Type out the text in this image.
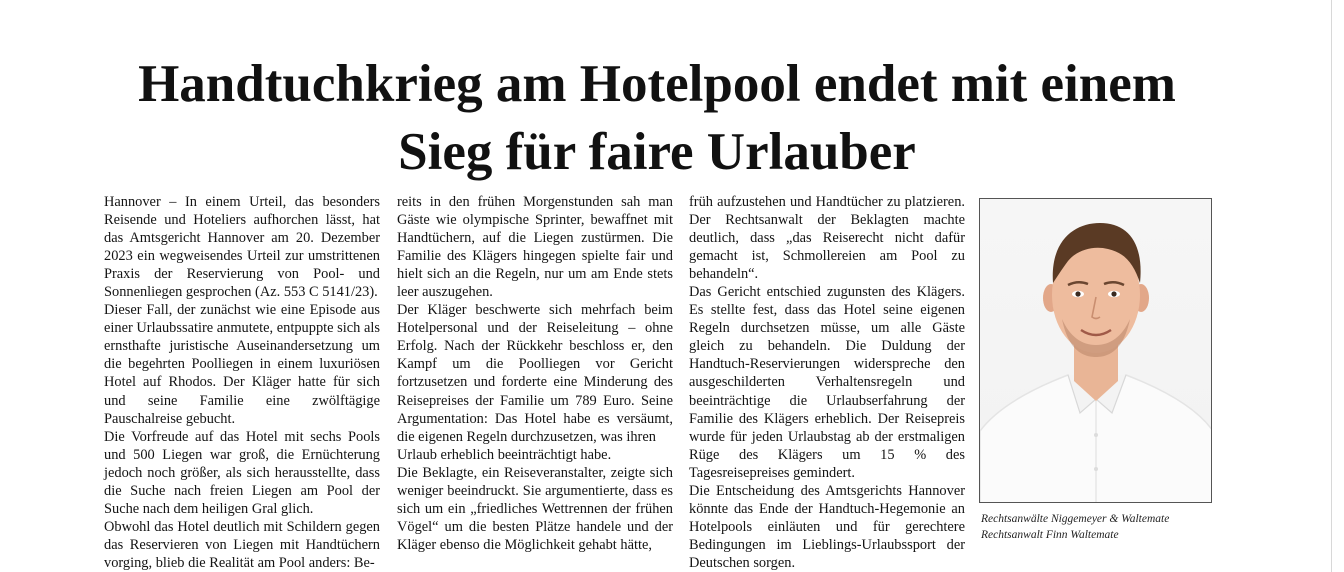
Handtuchkrieg am Hotelpool endet mit einem
Sieg für faire Urlauber

Hannover – In einem Urteil, das besonders Reisende und Hoteliers aufhorchen lässt, hat das Amtsgericht Hannover am 20. Dezember 2023 ein wegweisendes Urteil zur umstrittenen Praxis der Reservierung von Pool- und Sonnenliegen gesprochen (Az. 553 C 5141/23).

Dieser Fall, der zunächst wie eine Episode aus einer Urlaubssatire anmutete, entpuppte sich als ernsthafte juristische Auseinandersetzung um die begehrten Poolliegen in einem luxuriösen Hotel auf Rhodos. Der Kläger hatte für sich und seine Familie eine zwölftägige Pauschalreise gebucht.

Die Vorfreude auf das Hotel mit sechs Pools und 500 Liegen war groß, die Ernüchterung jedoch noch größer, als sich herausstellte, dass die Suche nach freien Liegen am Pool der Suche nach dem heiligen Gral glich.

Obwohl das Hotel deutlich mit Schildern gegen das Reservieren von Liegen mit Handtüchern vorging, blieb die Realität am Pool anders: Be-

reits in den frühen Morgenstunden sah man Gäste wie olympische Sprinter, bewaffnet mit Handtüchern, auf die Liegen zustürmen. Die Familie des Klägers hingegen spielte fair und hielt sich an die Regeln, nur um am Ende stets leer auszugehen.

Der Kläger beschwerte sich mehrfach beim Hotelpersonal und der Reiseleitung – ohne Erfolg. Nach der Rückkehr beschloss er, den Kampf um die Poolliegen vor Gericht fortzusetzen und forderte eine Minderung des Reisepreises der Familie um 789 Euro. Seine Argumentation: Das Hotel habe es versäumt, die eigenen Regeln durchzusetzen, was ihren

Urlaub erheblich beeinträchtigt habe.

Die Beklagte, ein Reiseveranstalter, zeigte sich weniger beeindruckt. Sie argumentierte, dass es sich um ein „friedliches Wettrennen der frühen Vögel“ um die besten Plätze handele und der Kläger ebenso die Möglichkeit gehabt hätte,

früh aufzustehen und Handtücher zu platzieren. Der Rechtsanwalt der Beklagten machte deutlich, dass „das Reiserecht nicht dafür gemacht ist, Schmollereien am Pool zu behandeln“.

Das Gericht entschied zugunsten des Klägers. Es stellte fest, dass das Hotel seine eigenen Regeln durchsetzen müsse, um alle Gäste gleich zu behandeln. Die Duldung der Handtuch-Reservierungen widerspreche den ausgeschilderten Verhaltensregeln und beeinträchtige die Urlaubserfahrung der Familie des Klägers erheblich. Der Reisepreis wurde für jeden Urlaubstag ab der erstmaligen Rüge des Klägers um 15 % des Tagesreisepreises gemindert.

Die Entscheidung des Amtsgerichts Hannover könnte das Ende der Handtuch-Hegemonie an Hotelpools einläuten und für gerechtere Bedingungen im Lieblings-Urlaubssport der Deutschen sorgen.

Rechtsanwälte Niggemeyer & Waltemate
Rechtsanwalt Finn Waltemate
